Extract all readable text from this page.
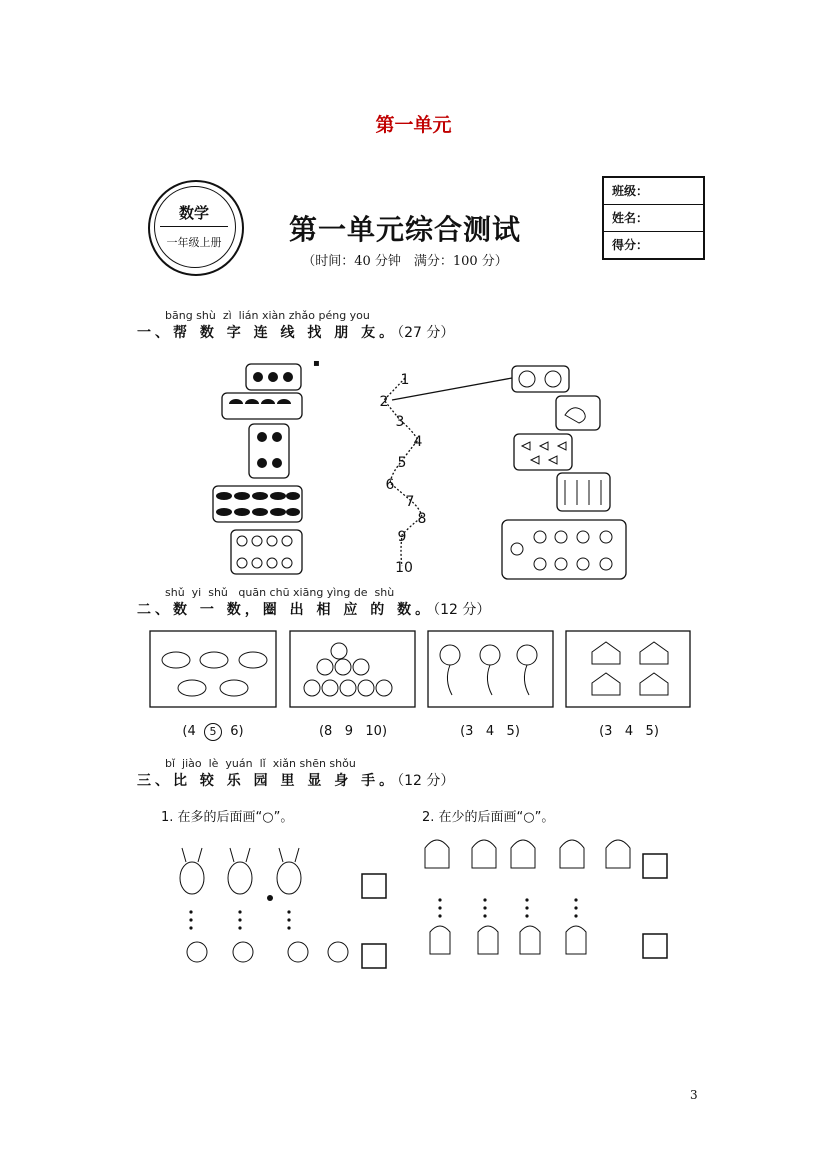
第一单元
数学
一年级上册	第一单元综合测试
（时间：40 分钟　满分：100 分）
班级：
姓名：
得分：
▪
bāng shù  zì  lián xiàn zhǎo péng you
一、帮 数 字 连 线 找 朋 友。（27 分）
1
2
3
4
5
6
7
8
9
10
shǔ  yi  shǔ   quān chū xiāng yìng de  shù
二、数 一 数，圈 出 相 应 的 数。（12 分）
(4 5 6)	(8 9 10)	(3 4 5)	(3 4 5)
bǐ  jiào  lè  yuán  lǐ  xiǎn shēn shǒu
三、比 较 乐 园 里 显 身 手。（12 分）
1. 在多的后面画“○”。	2. 在少的后面画“○”。
3
